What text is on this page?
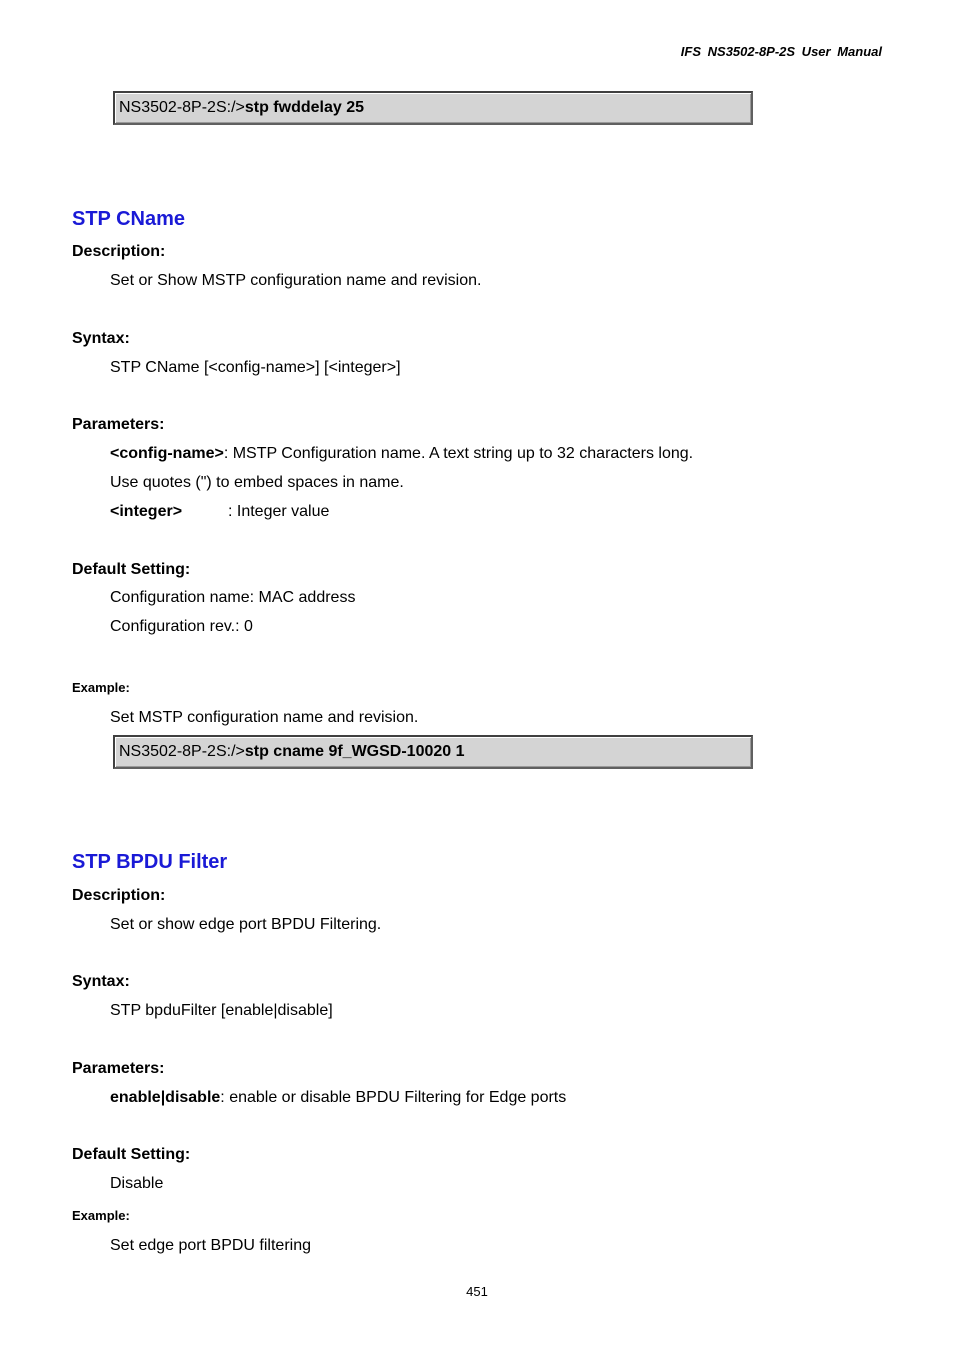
IFS NS3502-8P-2S User Manual
NS3502-8P-2S:/>stp fwddelay 25
STP CName
Description:
Set or Show MSTP configuration name and revision.
Syntax:
STP CName [<config-name>] [<integer>]
Parameters:
<config-name>: MSTP Configuration name. A text string up to 32 characters long.
Use quotes (") to embed spaces in name.
<integer>	: Integer value
Default Setting:
Configuration name: MAC address
Configuration rev.: 0
Example:
Set MSTP configuration name and revision.
NS3502-8P-2S:/>stp cname 9f_WGSD-10020 1
STP BPDU Filter
Description:
Set or show edge port BPDU Filtering.
Syntax:
STP bpduFilter [enable|disable]
Parameters:
enable|disable: enable or disable BPDU Filtering for Edge ports
Default Setting:
Disable
Example:
Set edge port BPDU filtering
451
